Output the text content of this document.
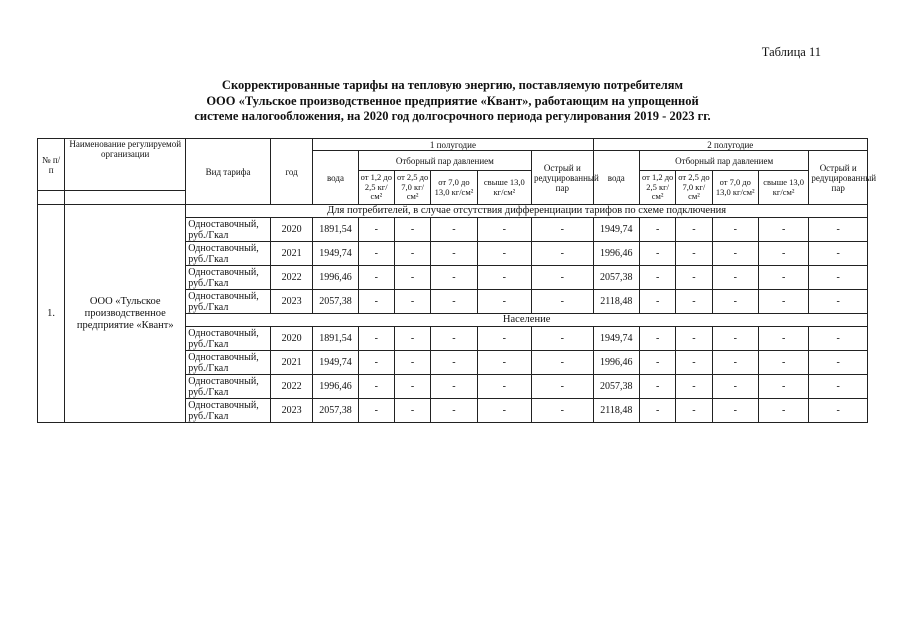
Таблица 11
Скорректированные тарифы на тепловую энергию, поставляемую потребителям
ООО «Тульское производственное предприятие «Квант», работающим на упрощенной
системе налогообложения, на 2020 год долгосрочного периода регулирования 2019 - 2023 гг.
№ п/п	Наименование регулируемой организации	Вид тарифа	год	1 полугодие						2 полугодие					
				вода	Отборный пар давлением				Острый и редуцированный пар	вода	Отборный пар давлением				Острый и редуцированный пар
					от 1,2 до 2,5 кг/см²	от 2,5 до 7,0 кг/см²	от 7,0 до 13,0 кг/см²	свыше 13,0 кг/см²			от 1,2 до 2,5 кг/см²	от 2,5 до 7,0 кг/см²	от 7,0 до 13,0 кг/см²	свыше 13,0 кг/см²	

1.	ООО «Тульское производственное предприятие «Квант»	Для потребителей, в случае отсутствия дифференциации тарифов по схеме подключения													
		Одноставочный, руб./Гкал	2020	1891,54	-	-	-	-	-	1949,74	-	-	-	-	-
		Одноставочный, руб./Гкал	2021	1949,74	-	-	-	-	-	1996,46	-	-	-	-	-
		Одноставочный, руб./Гкал	2022	1996,46	-	-	-	-	-	2057,38	-	-	-	-	-
		Одноставочный, руб./Гкал	2023	2057,38	-	-	-	-	-	2118,48	-	-	-	-	-
		Население													
		Одноставочный, руб./Гкал	2020	1891,54	-	-	-	-	-	1949,74	-	-	-	-	-
		Одноставочный, руб./Гкал	2021	1949,74	-	-	-	-	-	1996,46	-	-	-	-	-
		Одноставочный, руб./Гкал	2022	1996,46	-	-	-	-	-	2057,38	-	-	-	-	-
		Одноставочный, руб./Гкал	2023	2057,38	-	-	-	-	-	2118,48	-	-	-	-	-
